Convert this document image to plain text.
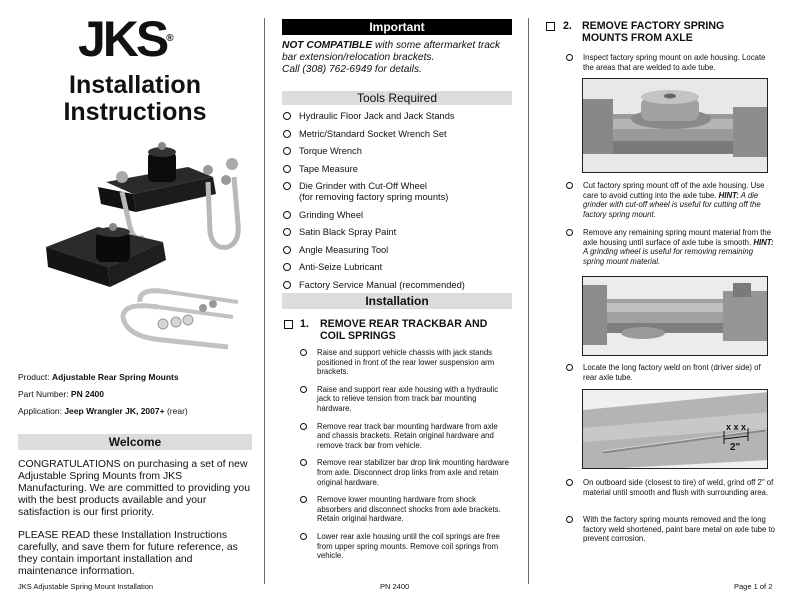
JKS®
Installation
Instructions
Product: Adjustable Rear Spring Mounts
Part Number: PN 2400
Application: Jeep Wrangler JK, 2007+ (rear)
Welcome

CONGRATULATIONS on purchasing a set of new Adjustable Spring Mounts from JKS Manufacturing. We are committed to providing you with the best products available and your satisfaction is our first priority.

PLEASE READ these Installation Instructions carefully, and save them for future reference, as they contain important installation and maintenance information.

JKS Adjustable Spring Mount Installation
Important
NOT COMPATIBLE with some aftermarket track bar extension/relocation brackets.
Call (308) 762-6949 for details.
Tools Required
Hydraulic Floor Jack and Jack Stands
Metric/Standard Socket Wrench Set
Torque Wrench
Tape Measure
Die Grinder with Cut-Off Wheel
(for removing factory spring mounts)
Grinding Wheel
Satin Black Spray Paint
Angle Measuring Tool
Anti-Seize Lubricant
Factory Service Manual (recommended)
Installation
1. REMOVE REAR TRACKBAR AND
COIL SPRINGS
Raise and support vehicle chassis with jack stands positioned in front of the rear lower suspension arm brackets.
Raise and support rear axle housing with a hydraulic jack to relieve tension from track bar mounting hardware.
Remove rear track bar mounting hardware from axle and chassis brackets. Retain original hardware and remove track bar from vehicle.
Remove rear stabilizer bar drop link mounting hardware from axle. Disconnect drop links from axle and retain original hardware.
Remove lower mounting hardware from shock absorbers and disconnect shocks from axle brackets. Retain original hardware.
Lower rear axle housing until the coil springs are free from upper spring mounts. Remove coil springs from vehicle.
PN 2400
2. REMOVE FACTORY SPRING
MOUNTS FROM AXLE
Inspect factory spring mount on axle housing. Locate the areas that are welded to axle tube.
Cut factory spring mount off of the axle housing. Use care to avoid cutting into the axle tube. HINT: A die grinder with cut-off wheel is useful for cutting off the factory spring mount.
Remove any remaining spring mount material from the axle housing until surface of axle tube is smooth. HINT: A grinding wheel is useful for removing remaining spring mount material.
Locate the long factory weld on front (driver side) of rear axle tube.
x x x
2"
On outboard side (closest to tire) of weld, grind off 2" of material until smooth and flush with surrounding area.
With the factory spring mounts removed and the long factory weld shortened, paint bare metal on axle tube to prevent corrosion.
Page 1 of 2
